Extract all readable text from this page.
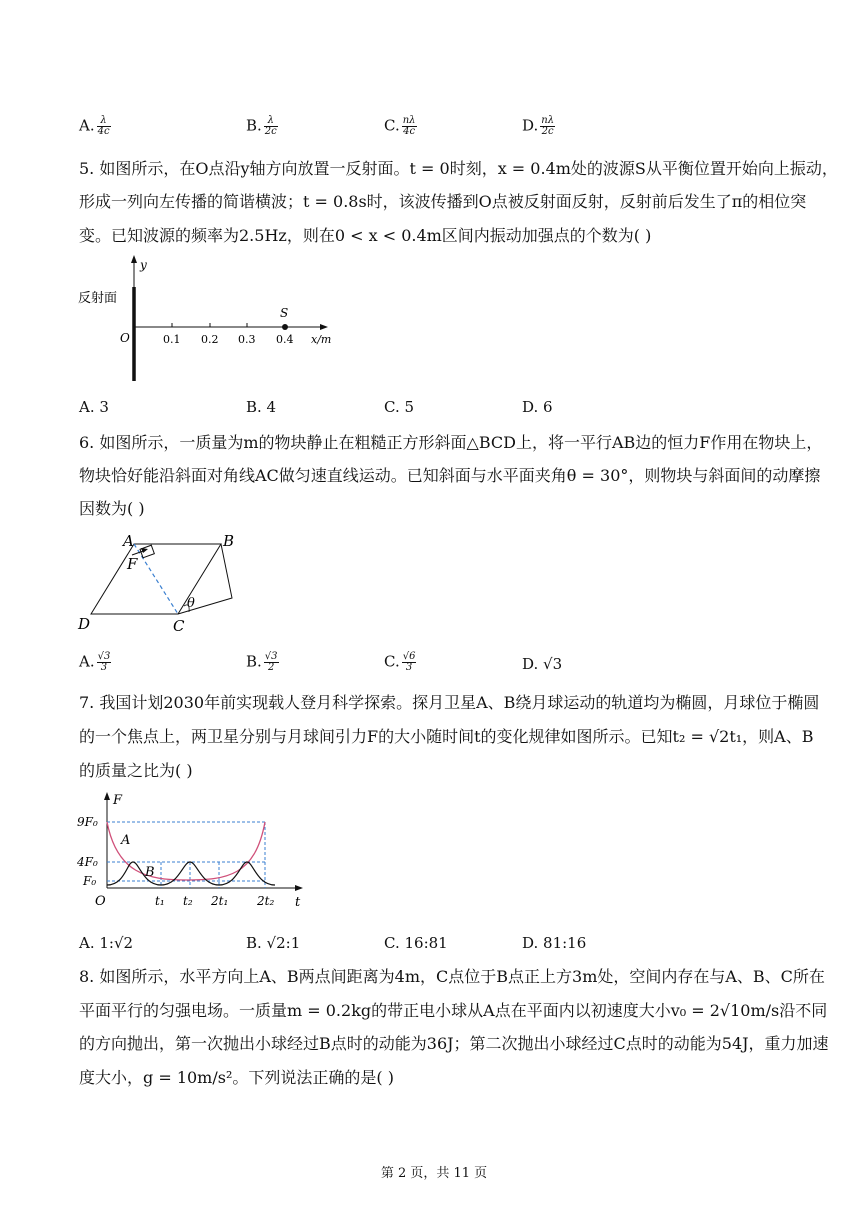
A. $\frac{\lambda}{4c}$	B. $\frac{\lambda}{2c}$	C. $\frac{n\lambda}{4c}$	D. $\frac{n\lambda}{2c}$
5. 如图所示，在O点沿y轴方向放置一反射面。t = 0时刻，x = 0.4m处的波源S从平衡位置开始向上振动，
形成一列向左传播的简谐横波；t = 0.8s时，该波传播到O点被反射面反射，反射前后发生了π的相位突
变。已知波源的频率为2.5Hz，则在0 < x < 0.4m区间内振动加强点的个数为( )
y
反射面
O	0.1 0.2 0.3 0.4
S
x/m
A. 3	B. 4	C. 5	D. 6
6. 如图所示，一质量为m的物块静止在粗糙正方形斜面△BCD上，将一平行AB边的恒力F作用在物块上，
物块恰好能沿斜面对角线AC做匀速直线运动。已知斜面与水平面夹角θ = 30°，则物块与斜面间的动摩擦
因数为( )
A	B
C
D
F
θ
A. $\frac{√3}{3}$	B. $\frac{√3}{2}$	C. $\frac{√6}{3}$	D. √3
7. 我国计划2030年前实现载人登月科学探索。探月卫星A、B绕月球运动的轨道均为椭圆，月球位于椭圆
的一个焦点上，两卫星分别与月球间引力F的大小随时间t的变化规律如图所示。已知t₂ = √2t₁，则A、B
的质量之比为( )
F
t
O
A
B
9F₀
4F₀
F₀
t₁ t₂ 2t₁ 2t₂
A. 1:√2	B. √2:1	C. 16:81	D. 81:16
8. 如图所示，水平方向上A、B两点间距离为4m，C点位于B点正上方3m处，空间内存在与A、B、C所在
平面平行的匀强电场。一质量m = 0.2kg的带正电小球从A点在平面内以初速度大小v₀ = 2√10m/s沿不同
的方向抛出，第一次抛出小球经过B点时的动能为36J；第二次抛出小球经过C点时的动能为54J，重力加速
度大小，g = 10m/s²。下列说法正确的是( )
第 2 页，共 11 页
